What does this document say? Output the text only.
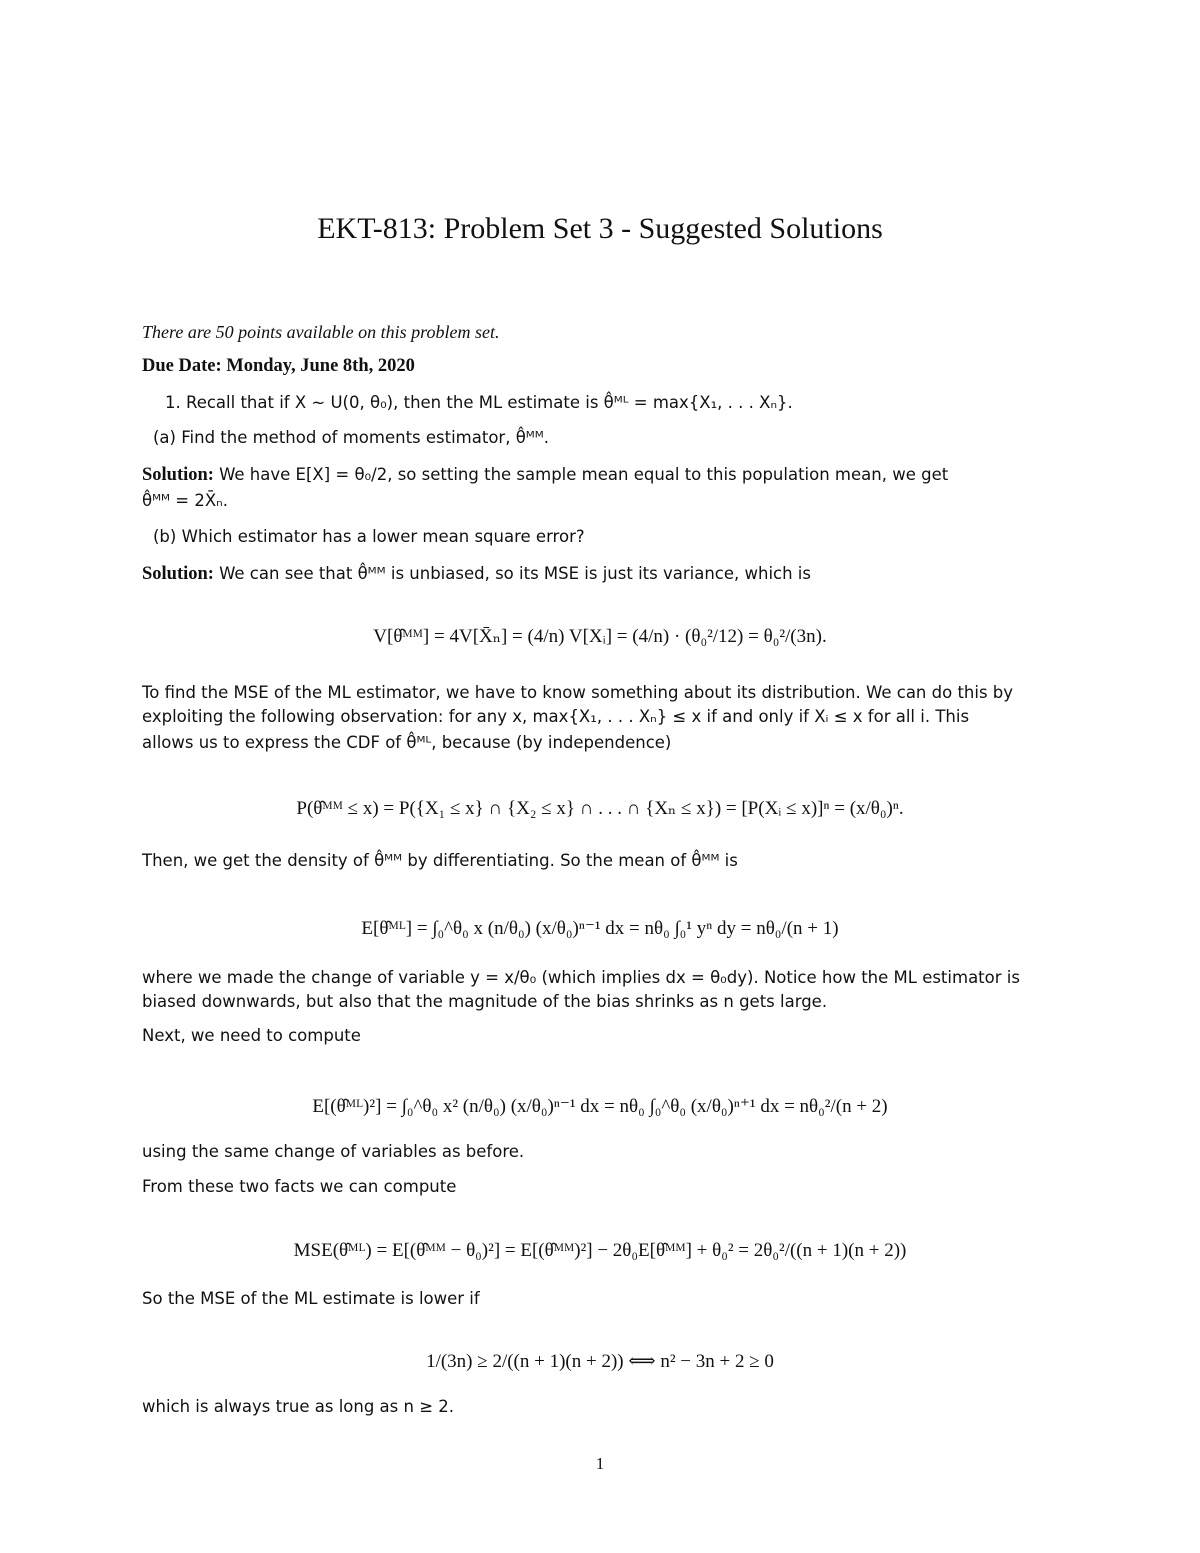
EKT-813: Problem Set 3 - Suggested Solutions
There are 50 points available on this problem set.
Due Date: Monday, June 8th, 2020
1. Recall that if X ∼ U(0, θ₀), then the ML estimate is θ̂ᴹᴸ = max{X₁, . . . Xₙ}.
(a) Find the method of moments estimator, θ̂ᴹᴹ.
Solution: We have E[X] = θ₀/2, so setting the sample mean equal to this population mean, we get
θ̂ᴹᴹ = 2X̄ₙ.
(b) Which estimator has a lower mean square error?
Solution: We can see that θ̂ᴹᴹ is unbiased, so its MSE is just its variance, which is
V[θ̂ᴹᴹ] = 4V[X̄ₙ] = (4/n) V[Xᵢ] = (4/n) · (θ₀²/12) = θ₀²/(3n).
To find the MSE of the ML estimator, we have to know something about its distribution. We can do this by
exploiting the following observation: for any x, max{X₁, . . . Xₙ} ≤ x if and only if Xᵢ ≤ x for all i. This
allows us to express the CDF of θ̂ᴹᴸ, because (by independence)
P(θ̂ᴹᴹ ≤ x) = P({X₁ ≤ x} ∩ {X₂ ≤ x} ∩ . . . ∩ {Xₙ ≤ x}) = [P(Xᵢ ≤ x)]ⁿ = (x/θ₀)ⁿ.
Then, we get the density of θ̂ᴹᴹ by differentiating. So the mean of θ̂ᴹᴹ is
E[θ̂ᴹᴸ] = ∫₀^θ₀ x (n/θ₀) (x/θ₀)ⁿ⁻¹ dx = nθ₀ ∫₀¹ yⁿ dy = nθ₀/(n + 1)
where we made the change of variable y = x/θ₀ (which implies dx = θ₀dy). Notice how the ML estimator is
biased downwards, but also that the magnitude of the bias shrinks as n gets large.
Next, we need to compute
E[(θ̂ᴹᴸ)²] = ∫₀^θ₀ x² (n/θ₀) (x/θ₀)ⁿ⁻¹ dx = nθ₀ ∫₀^θ₀ (x/θ₀)ⁿ⁺¹ dx = nθ₀²/(n + 2)
using the same change of variables as before.
From these two facts we can compute
MSE(θ̂ᴹᴸ) = E[(θ̂ᴹᴹ − θ₀)²] = E[(θ̂ᴹᴹ)²] − 2θ₀E[θ̂ᴹᴹ] + θ₀² = 2θ₀²/((n + 1)(n + 2))
So the MSE of the ML estimate is lower if
1/(3n) ≥ 2/((n + 1)(n + 2)) ⟺ n² − 3n + 2 ≥ 0
which is always true as long as n ≥ 2.
1
